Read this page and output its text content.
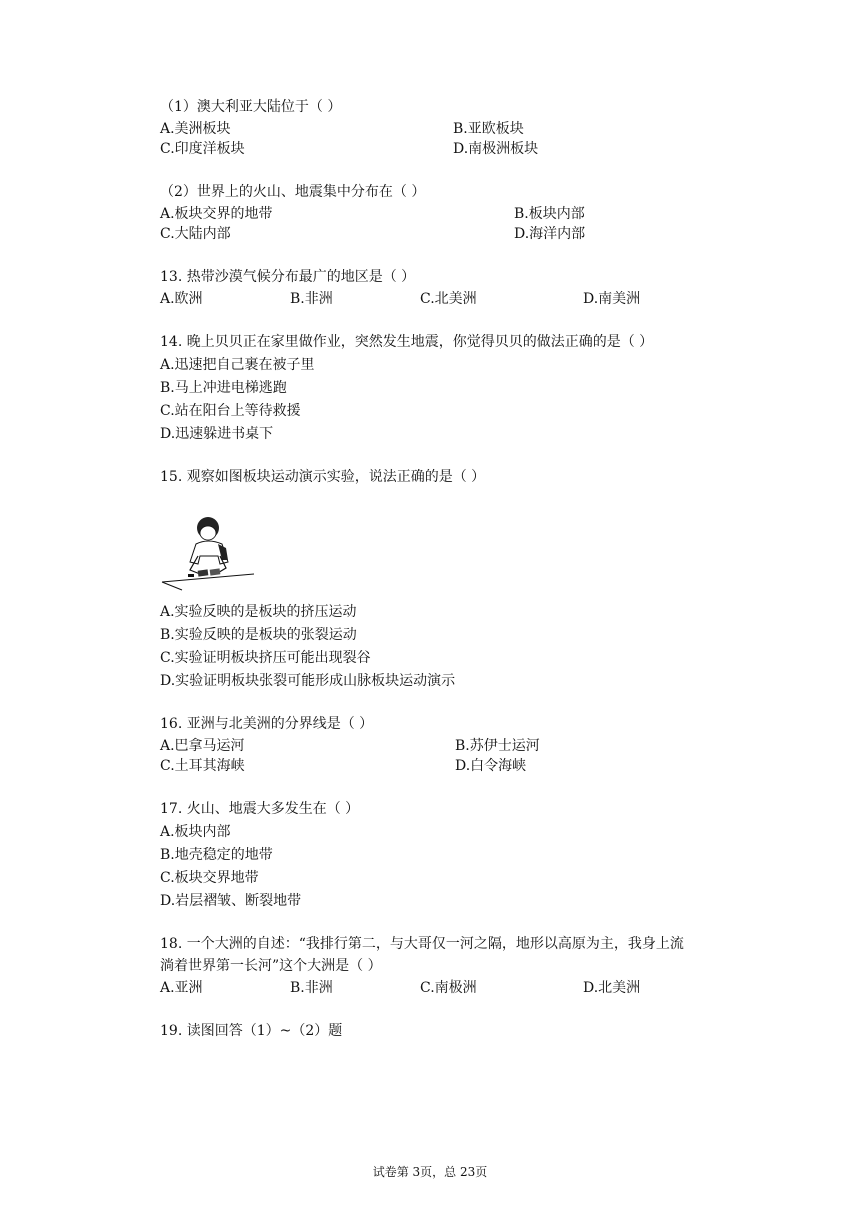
（1）澳大利亚大陆位于（ ）
A.美洲板块	B.亚欧板块
C.印度洋板块	D.南极洲板块
（2）世界上的火山、地震集中分布在（ ）
A.板块交界的地带	B.板块内部
C.大陆内部	D.海洋内部
13. 热带沙漠气候分布最广的地区是（ ）
A.欧洲	B.非洲	C.北美洲	D.南美洲
14. 晚上贝贝正在家里做作业，突然发生地震，你觉得贝贝的做法正确的是（ ）
A.迅速把自己裹在被子里
B.马上冲进电梯逃跑
C.站在阳台上等待救援
D.迅速躲进书桌下
15. 观察如图板块运动演示实验，说法正确的是（ ）
A.实验反映的是板块的挤压运动
B.实验反映的是板块的张裂运动
C.实验证明板块挤压可能出现裂谷
D.实验证明板块张裂可能形成山脉板块运动演示
16. 亚洲与北美洲的分界线是（ ）
A.巴拿马运河	B.苏伊士运河
C.土耳其海峡	D.白令海峡
17. 火山、地震大多发生在（ ）
A.板块内部
B.地壳稳定的地带
C.板块交界地带
D.岩层褶皱、断裂地带
18. 一个大洲的自述：“我排行第二，与大哥仅一河之隔，地形以高原为主，我身上流
淌着世界第一长河”这个大洲是（ ）
A.亚洲	B.非洲	C.南极洲	D.北美洲
19. 读图回答（1）~（2）题
试卷第 3页，总 23页
